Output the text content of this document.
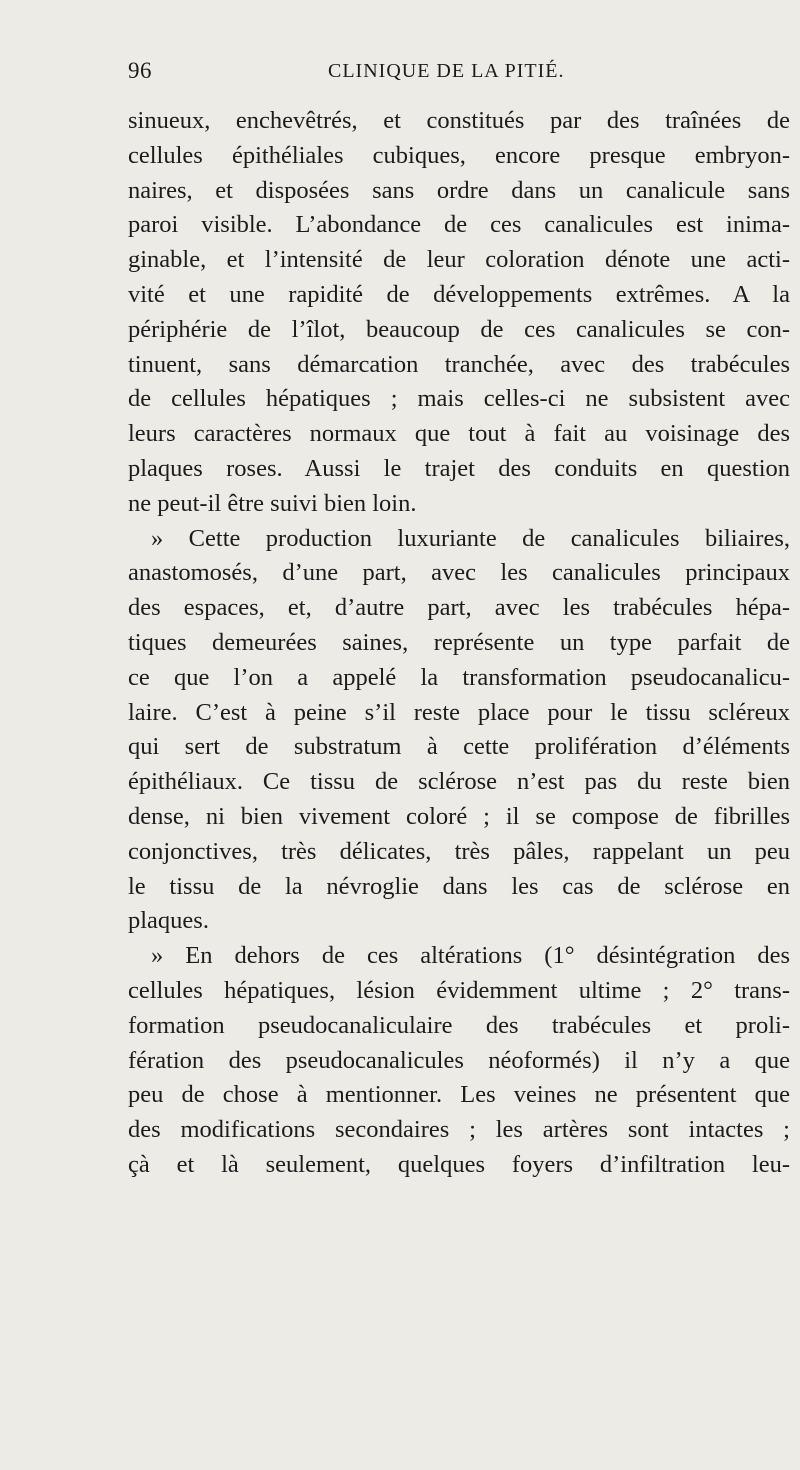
96	CLINIQUE DE LA PITIÉ.
sinueux, enchevêtrés, et constitués par des traînées de
cellules épithéliales cubiques, encore presque embryon-
naires, et disposées sans ordre dans un canalicule sans
paroi visible. L’abondance de ces canalicules est inima-
ginable, et l’intensité de leur coloration dénote une acti-
vité et une rapidité de développements extrêmes. A la
périphérie de l’îlot, beaucoup de ces canalicules se con-
tinuent, sans démarcation tranchée, avec des trabécules
de cellules hépatiques ; mais celles-ci ne subsistent avec
leurs caractères normaux que tout à fait au voisinage des
plaques roses. Aussi le trajet des conduits en question
ne peut-il être suivi bien loin.
» Cette production luxuriante de canalicules biliaires,
anastomosés, d’une part, avec les canalicules principaux
des espaces, et, d’autre part, avec les trabécules hépa-
tiques demeurées saines, représente un type parfait de
ce que l’on a appelé la transformation pseudocanalicu-
laire. C’est à peine s’il reste place pour le tissu scléreux
qui sert de substratum à cette prolifération d’éléments
épithéliaux. Ce tissu de sclérose n’est pas du reste bien
dense, ni bien vivement coloré ; il se compose de fibrilles
conjonctives, très délicates, très pâles, rappelant un peu
le tissu de la névroglie dans les cas de sclérose en
plaques.
» En dehors de ces altérations (1° désintégration des
cellules hépatiques, lésion évidemment ultime ; 2° trans-
formation pseudocanaliculaire des trabécules et proli-
fération des pseudocanalicules néoformés) il n’y a que
peu de chose à mentionner. Les veines ne présentent que
des modifications secondaires ; les artères sont intactes ;
çà et là seulement, quelques foyers d’infiltration leu-
